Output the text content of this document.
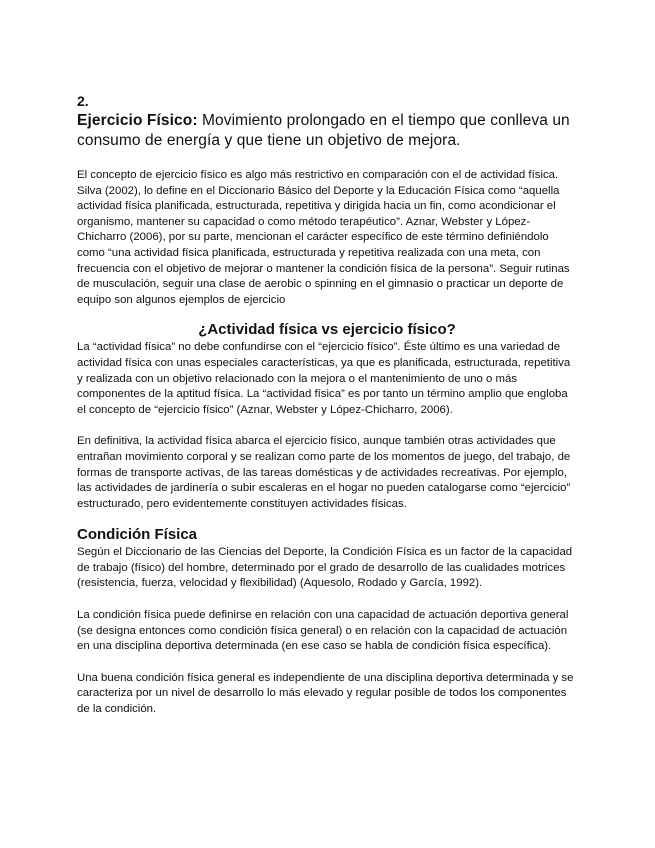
2.

Ejercicio Físico: Movimiento prolongado en el tiempo que conlleva un consumo de energía y que tiene un objetivo de mejora.

El concepto de ejercicio físico es algo más restrictivo en comparación con el de actividad física. Silva (2002), lo define en el Diccionario Básico del Deporte y la Educación Física como “aquella actividad física planificada, estructurada, repetitiva y dirigida hacia un fin, como acondicionar el organismo, mantener su capacidad o como método terapéutico”. Aznar, Webster y López-Chicharro (2006), por su parte, mencionan el carácter específico de este término definiéndolo como “una actividad física planificada, estructurada y repetitiva realizada con una meta, con frecuencia con el objetivo de mejorar o mantener la condición física de la persona”. Seguir rutinas de musculación, seguir una clase de aerobic o spinning en el gimnasio o practicar un deporte de equipo son algunos ejemplos de ejercicio

¿Actividad física vs ejercicio físico?

La “actividad física” no debe confundirse con el “ejercicio físico”. Éste último es una variedad de actividad física con unas especiales características, ya que es planificada, estructurada, repetitiva y realizada con un objetivo relacionado con la mejora o el mantenimiento de uno o más componentes de la aptitud física. La “actividad física” es por tanto un término amplio que engloba el concepto de “ejercicio físico” (Aznar, Webster y López-Chicharro, 2006).

En definitiva, la actividad física abarca el ejercicio físico, aunque también otras actividades que entrañan movimiento corporal y se realizan como parte de los momentos de juego, del trabajo, de formas de transporte activas, de las tareas domésticas y de actividades recreativas. Por ejemplo, las actividades de jardinería o subir escaleras en el hogar no pueden catalogarse como “ejercicio” estructurado, pero evidentemente constituyen actividades físicas.

Condición Física

Según el Diccionario de las Ciencias del Deporte, la Condición Física es un factor de la capacidad de trabajo (físico) del hombre, determinado por el grado de desarrollo de las cualidades motrices (resistencia, fuerza, velocidad y flexibilidad) (Aquesolo, Rodado y García, 1992).

La condición física puede definirse en relación con una capacidad de actuación deportiva general (se designa entonces como condición física general) o en relación con la capacidad de actuación en una disciplina deportiva determinada (en ese caso se habla de condición física específica).

Una buena condición física general es independiente de una disciplina deportiva determinada y se caracteriza por un nivel de desarrollo lo más elevado y regular posible de todos los componentes de la condición.
